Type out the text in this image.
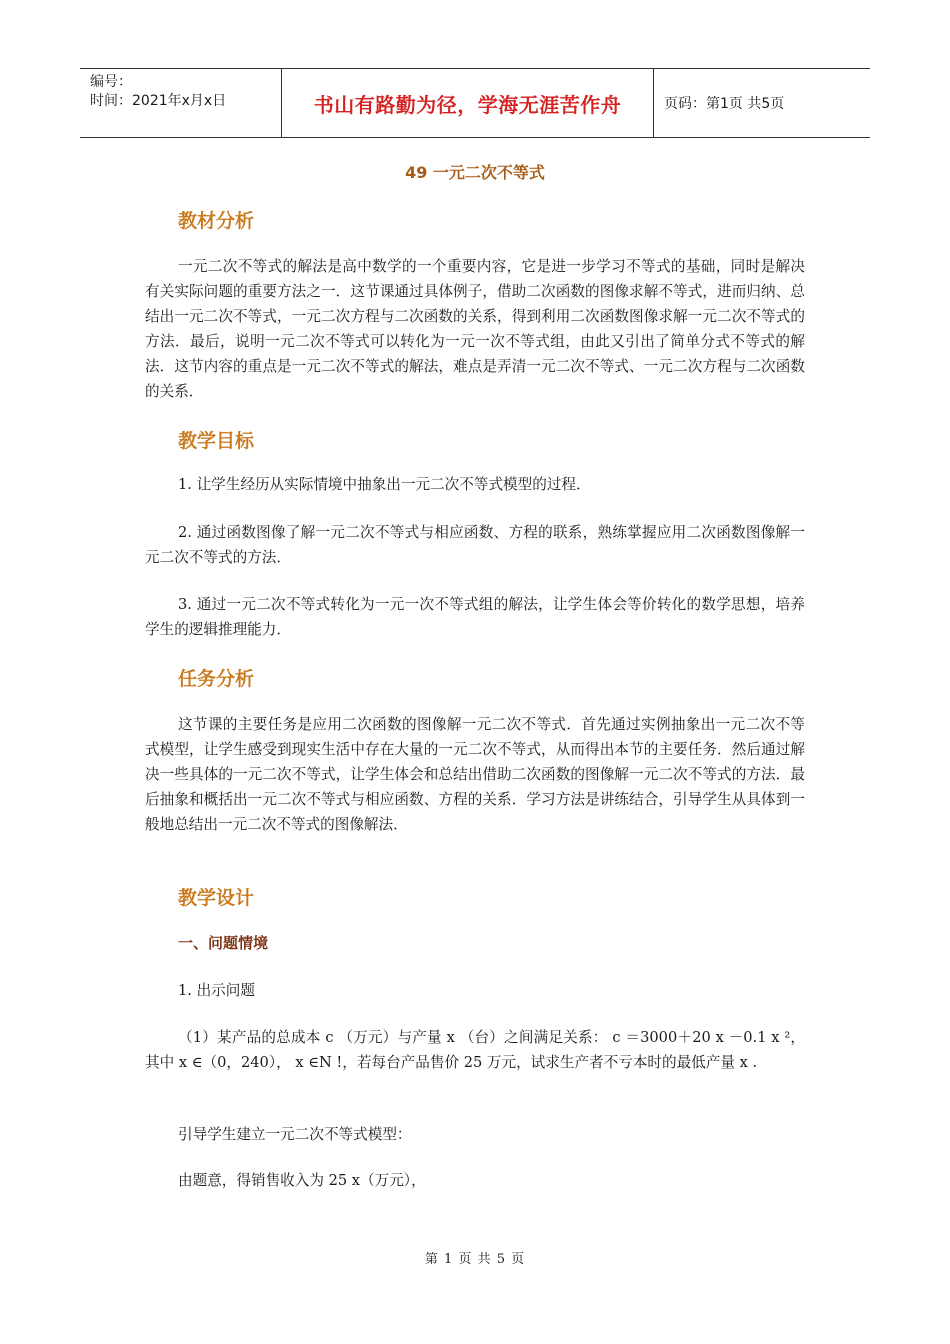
编号：
时间：2021年x月x日	书山有路勤为径，学海无涯苦作舟	页码：第1页 共5页
49 一元二次不等式
教材分析

一元二次不等式的解法是高中数学的一个重要内容，它是进一步学习不等式的基础，同时是解决有关实际问题的重要方法之一．这节课通过具体例子，借助二次函数的图像求解不等式，进而归纳、总结出一元二次不等式，一元二次方程与二次函数的关系，得到利用二次函数图像求解一元二次不等式的方法．最后，说明一元二次不等式可以转化为一元一次不等式组，由此又引出了简单分式不等式的解法．这节内容的重点是一元二次不等式的解法，难点是弄清一元二次不等式、一元二次方程与二次函数的关系．

教学目标

1. 让学生经历从实际情境中抽象出一元二次不等式模型的过程．

2. 通过函数图像了解一元二次不等式与相应函数、方程的联系，熟练掌握应用二次函数图像解一元二次不等式的方法．

3. 通过一元二次不等式转化为一元一次不等式组的解法，让学生体会等价转化的数学思想，培养学生的逻辑推理能力．

任务分析

这节课的主要任务是应用二次函数的图像解一元二次不等式．首先通过实例抽象出一元二次不等式模型，让学生感受到现实生活中存在大量的一元二次不等式，从而得出本节的主要任务．然后通过解决一些具体的一元二次不等式，让学生体会和总结出借助二次函数的图像解一元二次不等式的方法．最后抽象和概括出一元二次不等式与相应函数、方程的关系．学习方法是讲练结合，引导学生从具体到一般地总结出一元二次不等式的图像解法．

教学设计
一、问题情境

1. 出示问题

（1）某产品的总成本 c （万元）与产量 x （台）之间满足关系： c ＝3000＋20 x －0.1 x ²，其中 x ∈（0，240）， x ∈N !，若每台产品售价 25 万元，试求生产者不亏本时的最低产量 x .

引导学生建立一元二次不等式模型：

由题意，得销售收入为 25 x（万元），

第 1 页 共 5 页
